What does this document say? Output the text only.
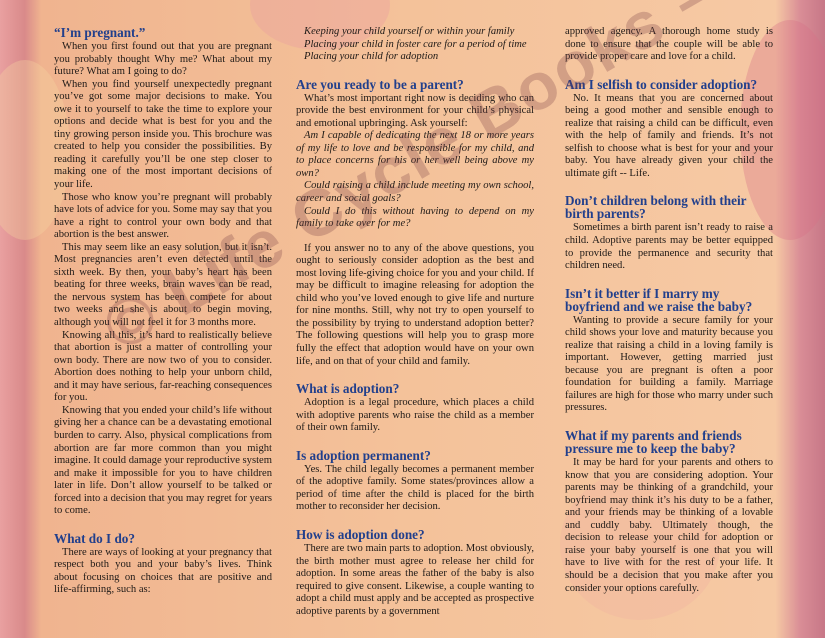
“I’m pregnant.”

When you first found out that you are pregnant you probably thought Why me? What about my future? What am I going to do?

When you find yourself unexpectedly pregnant you’ve got some major decisions to make. You owe it to yourself to take the time to explore your options and decide what is best for you and the tiny growing person inside you. This brochure was created to help you consider the possibilities. By reading it carefully you’ll be one step closer to making one of the most important decisions of your life.

Those who know you’re pregnant will probably have lots of advice for you. Some may say that you have a right to control your own body and that abortion is the best answer.

This may seem like an easy solution, but it isn’t. Most pregnancies aren’t even detected until the sixth week. By then, your baby’s heart has been beating for three weeks, brain waves can be read, the nervous system has been compete for about two weeks and she is about to begin moving, although you will not feel it for 3 months more.

Knowing all this, it’s hard to realistically believe that abortion is just a matter of controlling your own body. There are now two of you to consider. Abortion does nothing to help your unborn child, and it may have serious, far-reaching consequences for you.

Knowing that you ended your child’s life without giving her a chance can be a devastating emotional burden to carry. Also, physical complications from abortion are far more common than you might imagine. It could damage your reproductive system and make it impossible for you to have children later in life. Don’t allow yourself to be talked or forced into a decision that you may regret for years to come.

What do I do?

There are ways of looking at your pregnancy that respect both you and your baby’s lives. Think about focusing on choices that are positive and life-affirming, such as:

Keeping your child yourself or within your family

Placing your child in foster care for a period of time

Placing your child for adoption

Are you ready to be a parent?

What’s most important right now is deciding who can provide the best environment for your child’s physical and emotional upbringing. Ask yourself:

Am I capable of dedicating the next 18 or more years of my life to love and be responsible for my child, and to place concerns for his or her well being above my own?

Could raising a child include meeting my own school, career and social goals?

Could I do this without having to depend on my family to take over for me?

If you answer no to any of the above questions, you ought to seriously consider adoption as the best and most loving life-giving choice for you and your child. If may be difficult to imagine releasing for adoption the child who you’ve loved enough to give life and nurture for nine months. Still, why not try to open yourself to the possibility by trying to understand adoption better? The following questions will help you to grasp more fully the effect that adoption would have on your own life, and on that of your child and family.

What is adoption?

Adoption is a legal procedure, which places a child with adoptive parents who raise the child as a member of their own family.

Is adoption permanent?

Yes. The child legally becomes a permanent member of the adoptive family. Some states/provinces allow a period of time after the child is placed for the birth mother to reconsider her decision.

How is adoption done?

There are two main parts to adoption. Most obviously, the birth mother must agree to release her child for adoption. In some areas the father of the baby is also required to give consent. Likewise, a couple wanting to adopt a child must apply and be accepted as prospective adoptive parents by a government

approved agency. A thorough home study is done to ensure that the couple will be able to provide proper care and love for a child.

Am I selfish to consider adoption?

No. It means that you are concerned about being a good mother and sensible enough to realize that raising a child can be difficult, even with the help of family and friends. It’s not selfish to choose what is best for your and your baby. You have already given your child the ultimate gift -- Life.

Don’t children belong with their birth parents?

Sometimes a birth parent isn’t ready to raise a child. Adoptive parents may be better equipped to provide the permanence and security that children need.

Isn’t it better if I marry my boyfriend and we raise the baby?

Wanting to provide a secure family for your child shows your love and maturity because you realize that raising a child in a loving family is important. However, getting married just because you are pregnant is often a poor foundation for building a family. Marriage failures are high for those who marry under such pressures.

What if my parents and friends pressure me to keep the baby?

It may be hard for your parents and others to know that you are considering adoption. Your parents may be thinking of a grandchild, your boyfriend may think it’s his duty to be a father, and your friends may be thinking of a lovable and cuddly baby. Ultimately though, the decision to release your child for adoption or raise your baby yourself is one that you will have to live with for the rest of your life. It should be a decision that you make after you consider your options carefully.
